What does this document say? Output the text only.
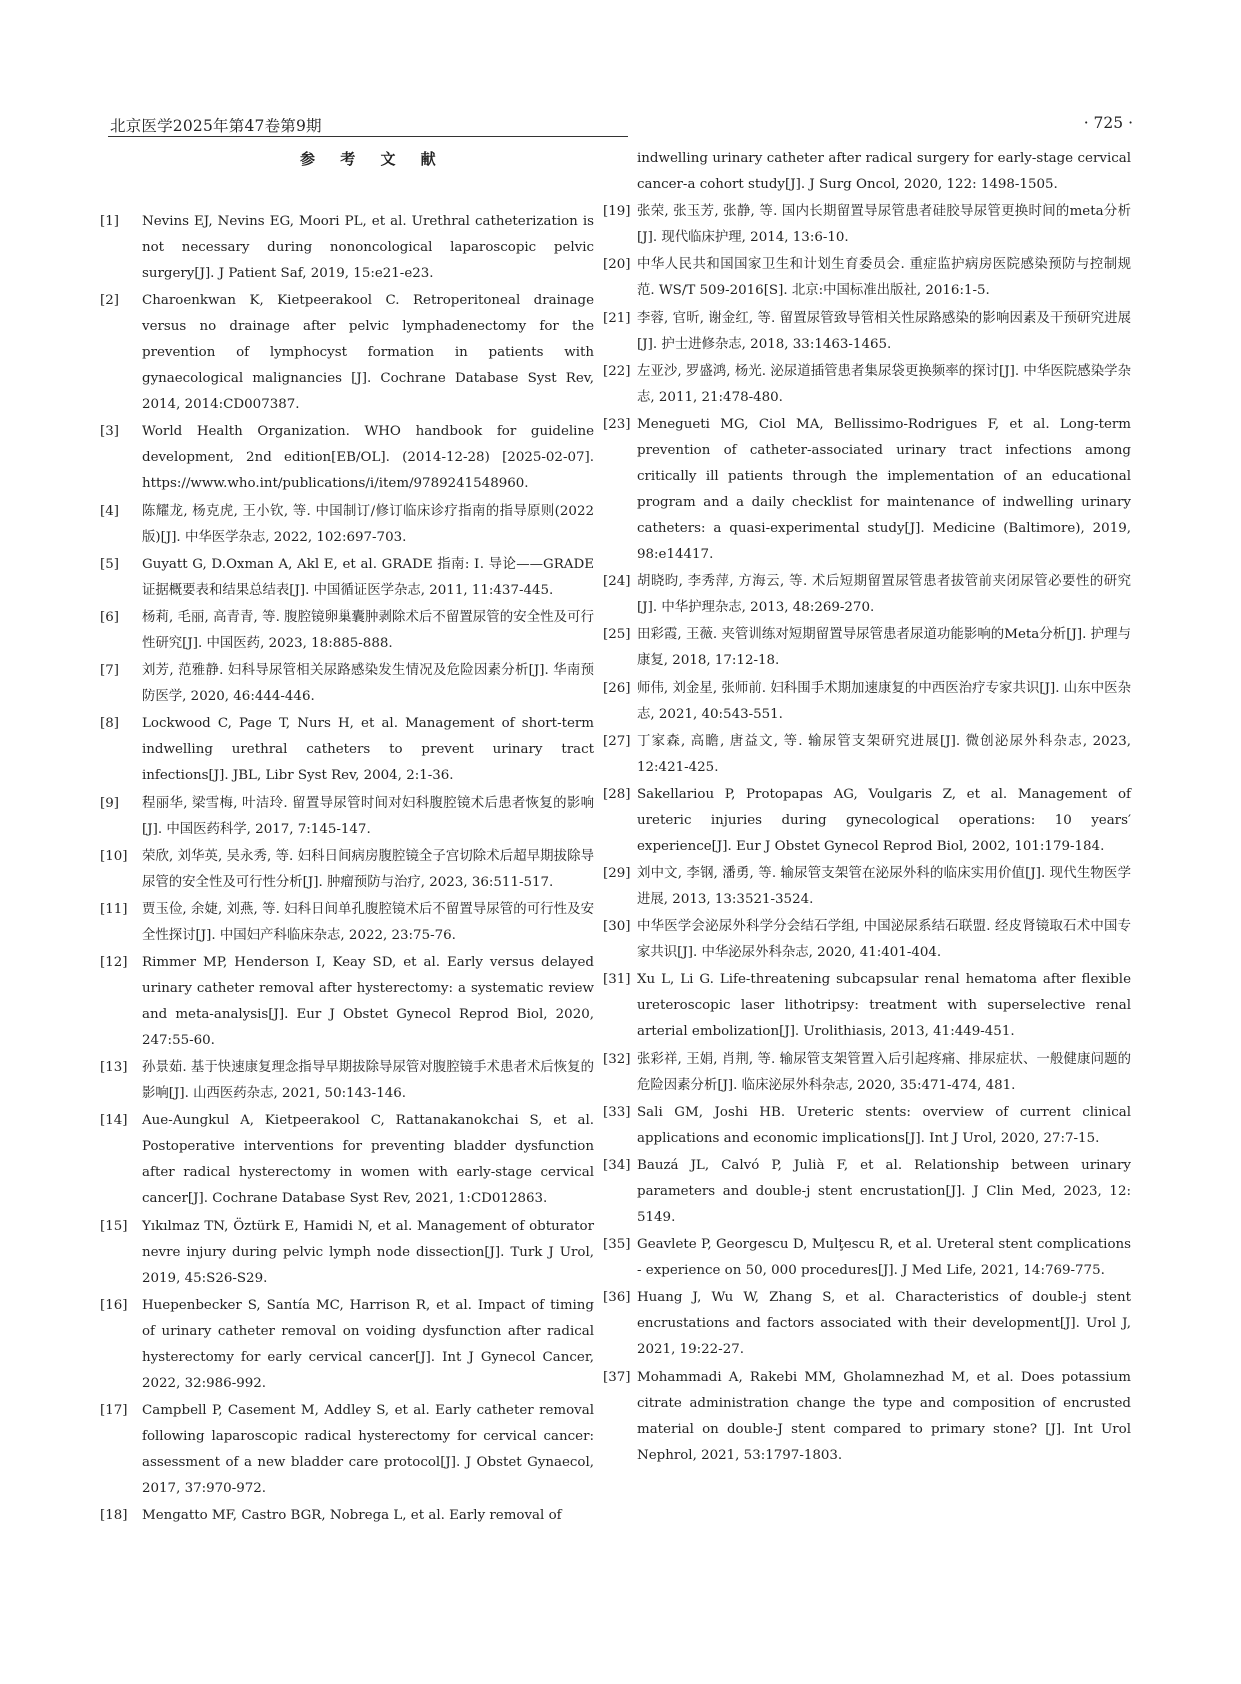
北京医学2025年第47卷第9期	· 725 ·
参 考 文 献
[1] Nevins EJ, Nevins EG, Moori PL, et al. Urethral catheterization is not necessary during nononcological laparoscopic pelvic surgery[J]. J Patient Saf, 2019, 15:e21-e23.
[2] Charoenkwan K, Kietpeerakool C. Retroperitoneal drainage versus no drainage after pelvic lymphadenectomy for the prevention of lymphocyst formation in patients with gynaecological malignancies [J]. Cochrane Database Syst Rev, 2014, 2014:CD007387.
[3] World Health Organization. WHO handbook for guideline development, 2nd edition[EB/OL]. (2014-12-28) [2025-02-07]. https://www.who.int/publications/i/item/9789241548960.
[4] 陈耀龙, 杨克虎, 王小钦, 等. 中国制订/修订临床诊疗指南的指导原则(2022版)[J]. 中华医学杂志, 2022, 102:697-703.
[5] Guyatt G, D.Oxman A, Akl E, et al. GRADE 指南: Ⅰ. 导论——GRADE证据概要表和结果总结表[J]. 中国循证医学杂志, 2011, 11:437-445.
[6] 杨莉, 毛丽, 高青青, 等. 腹腔镜卵巢囊肿剥除术后不留置尿管的安全性及可行性研究[J]. 中国医药, 2023, 18:885-888.
[7] 刘芳, 范雅静. 妇科导尿管相关尿路感染发生情况及危险因素分析[J]. 华南预防医学, 2020, 46:444-446.
[8] Lockwood C, Page T, Nurs H, et al. Management of short-term indwelling urethral catheters to prevent urinary tract infections[J]. JBL, Libr Syst Rev, 2004, 2:1-36.
[9] 程丽华, 梁雪梅, 叶洁玲. 留置导尿管时间对妇科腹腔镜术后患者恢复的影响[J]. 中国医药科学, 2017, 7:145-147.
[10] 荣欣, 刘华英, 吴永秀, 等. 妇科日间病房腹腔镜全子宫切除术后超早期拔除导尿管的安全性及可行性分析[J]. 肿瘤预防与治疗, 2023, 36:511-517.
[11] 贾玉俭, 余婕, 刘燕, 等. 妇科日间单孔腹腔镜术后不留置导尿管的可行性及安全性探讨[J]. 中国妇产科临床杂志, 2022, 23:75-76.
[12] Rimmer MP, Henderson I, Keay SD, et al. Early versus delayed urinary catheter removal after hysterectomy: a systematic review and meta-analysis[J]. Eur J Obstet Gynecol Reprod Biol, 2020, 247:55-60.
[13] 孙景茹. 基于快速康复理念指导早期拔除导尿管对腹腔镜手术患者术后恢复的影响[J]. 山西医药杂志, 2021, 50:143-146.
[14] Aue-Aungkul A, Kietpeerakool C, Rattanakanokchai S, et al. Postoperative interventions for preventing bladder dysfunction after radical hysterectomy in women with early-stage cervical cancer[J]. Cochrane Database Syst Rev, 2021, 1:CD012863.
[15] Yıkılmaz TN, Öztürk E, Hamidi N, et al. Management of obturator nevre injury during pelvic lymph node dissection[J]. Turk J Urol, 2019, 45:S26-S29.
[16] Huepenbecker S, Santía MC, Harrison R, et al. Impact of timing of urinary catheter removal on voiding dysfunction after radical hysterectomy for early cervical cancer[J]. Int J Gynecol Cancer, 2022, 32:986-992.
[17] Campbell P, Casement M, Addley S, et al. Early catheter removal following laparoscopic radical hysterectomy for cervical cancer: assessment of a new bladder care protocol[J]. J Obstet Gynaecol, 2017, 37:970-972.
[18] Mengatto MF, Castro BGR, Nobrega L, et al. Early removal of
indwelling urinary catheter after radical surgery for early-stage cervical cancer-a cohort study[J]. J Surg Oncol, 2020, 122: 1498-1505.
[19] 张荣, 张玉芳, 张静, 等. 国内长期留置导尿管患者硅胶导尿管更换时间的meta分析[J]. 现代临床护理, 2014, 13:6-10.
[20] 中华人民共和国国家卫生和计划生育委员会. 重症监护病房医院感染预防与控制规范. WS/T 509-2016[S]. 北京:中国标准出版社, 2016:1-5.
[21] 李蓉, 官昕, 谢金红, 等. 留置尿管致导管相关性尿路感染的影响因素及干预研究进展[J]. 护士进修杂志, 2018, 33:1463-1465.
[22] 左亚沙, 罗盛鸿, 杨光. 泌尿道插管患者集尿袋更换频率的探讨[J]. 中华医院感染学杂志, 2011, 21:478-480.
[23] Menegueti MG, Ciol MA, Bellissimo-Rodrigues F, et al. Long-term prevention of catheter-associated urinary tract infections among critically ill patients through the implementation of an educational program and a daily checklist for maintenance of indwelling urinary catheters: a quasi-experimental study[J]. Medicine (Baltimore), 2019, 98:e14417.
[24] 胡晓昀, 李秀萍, 方海云, 等. 术后短期留置尿管患者拔管前夹闭尿管必要性的研究[J]. 中华护理杂志, 2013, 48:269-270.
[25] 田彩霞, 王薇. 夹管训练对短期留置导尿管患者尿道功能影响的Meta分析[J]. 护理与康复, 2018, 17:12-18.
[26] 师伟, 刘金星, 张师前. 妇科围手术期加速康复的中西医治疗专家共识[J]. 山东中医杂志, 2021, 40:543-551.
[27] 丁家森, 高瞻, 唐益文, 等. 输尿管支架研究进展[J]. 微创泌尿外科杂志, 2023, 12:421-425.
[28] Sakellariou P, Protopapas AG, Voulgaris Z, et al. Management of ureteric injuries during gynecological operations: 10 years′ experience[J]. Eur J Obstet Gynecol Reprod Biol, 2002, 101:179-184.
[29] 刘中文, 李钢, 潘勇, 等. 输尿管支架管在泌尿外科的临床实用价值[J]. 现代生物医学进展, 2013, 13:3521-3524.
[30] 中华医学会泌尿外科学分会结石学组, 中国泌尿系结石联盟. 经皮肾镜取石术中国专家共识[J]. 中华泌尿外科杂志, 2020, 41:401-404.
[31] Xu L, Li G. Life-threatening subcapsular renal hematoma after flexible ureteroscopic laser lithotripsy: treatment with superselective renal arterial embolization[J]. Urolithiasis, 2013, 41:449-451.
[32] 张彩祥, 王娟, 肖荆, 等. 输尿管支架管置入后引起疼痛、排尿症状、一般健康问题的危险因素分析[J]. 临床泌尿外科杂志, 2020, 35:471-474, 481.
[33] Sali GM, Joshi HB. Ureteric stents: overview of current clinical applications and economic implications[J]. Int J Urol, 2020, 27:7-15.
[34] Bauzá JL, Calvó P, Julià F, et al. Relationship between urinary parameters and double-j stent encrustation[J]. J Clin Med, 2023, 12: 5149.
[35] Geavlete P, Georgescu D, Mulţescu R, et al. Ureteral stent complications - experience on 50, 000 procedures[J]. J Med Life, 2021, 14:769-775.
[36] Huang J, Wu W, Zhang S, et al. Characteristics of double-j stent encrustations and factors associated with their development[J]. Urol J, 2021, 19:22-27.
[37] Mohammadi A, Rakebi MM, Gholamnezhad M, et al. Does potassium citrate administration change the type and composition of encrusted material on double-J stent compared to primary stone? [J]. Int Urol Nephrol, 2021, 53:1797-1803.
